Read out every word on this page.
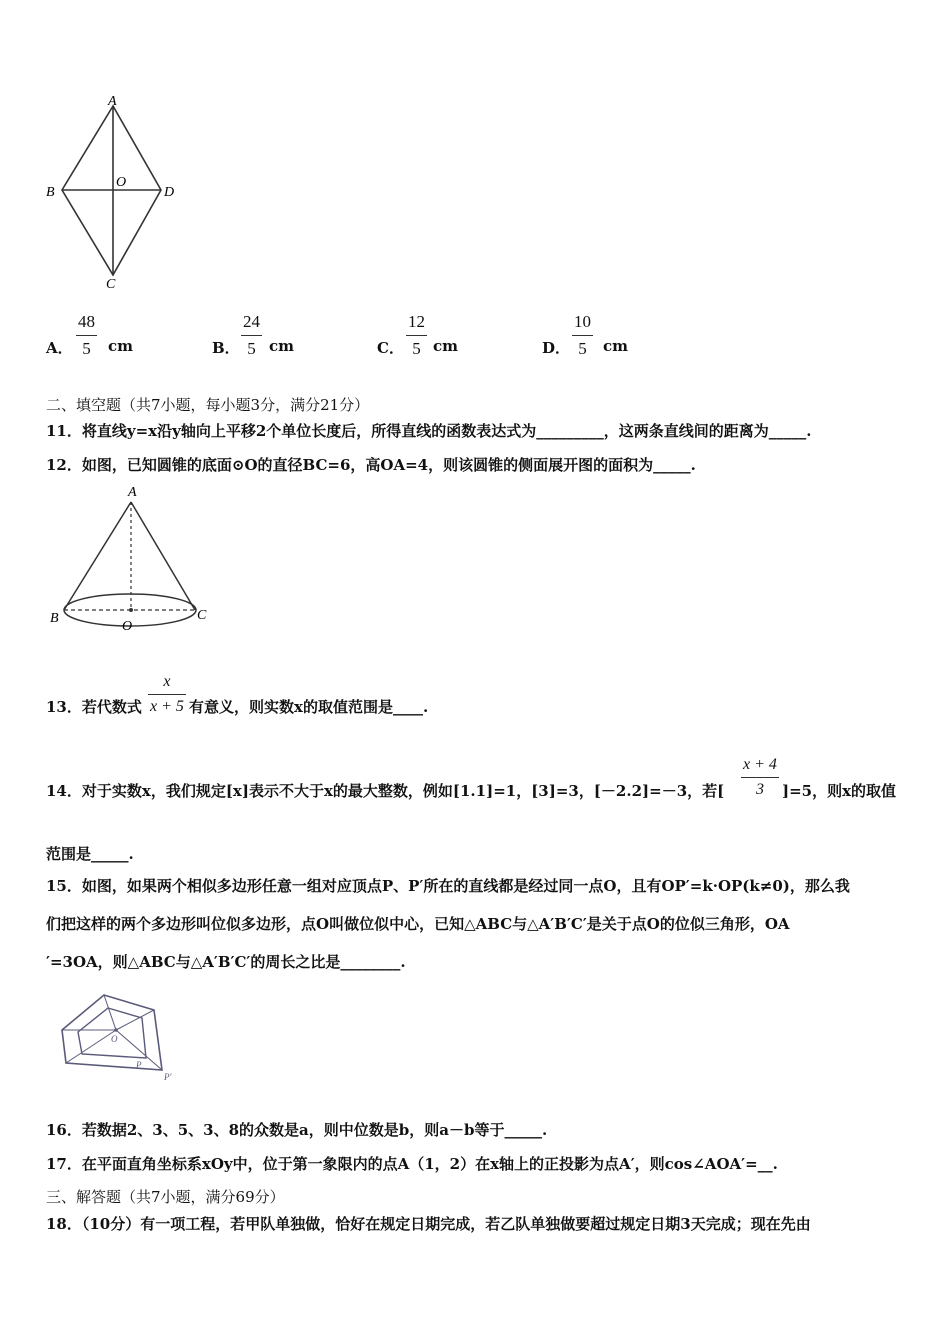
A
B
C
D
O
A．
48
5	cm	B．
24
5 cm	C．
12
5 cm	D．
10
5	cm
二、填空题（共7小题，每小题3分，满分21分）
11．将直线y=x沿y轴向上平移2个单位长度后，所得直线的函数表达式为_________，这两条直线间的距离为_____.
12．如图，已知圆锥的底面⊙O的直径BC=6，高OA=4，则该圆锥的侧面展开图的面积为_____.
A
B	C
O
13．若代数式
x
x + 5 有意义，则实数x的取值范围是____.
14．对于实数x，我们规定[x]表示不大于x的最大整数，例如[1.1]=1，[3]=3，[－2.2]=－3，若[
x + 4
3	]=5，则x的取值
范围是_____.
15．如图，如果两个相似多边形任意一组对应顶点P、P′所在的直线都是经过同一点O，且有OP′=k·OP(k≠0)，那么我
们把这样的两个多边形叫位似多边形，点O叫做位似中心，已知△ABC与△A′B′C′是关于点O的位似三角形，OA
′=3OA，则△ABC与△A′B′C′的周长之比是________.
O
P
P′
16．若数据2、3、5、3、8的众数是a，则中位数是b，则a－b等于_____.
17．在平面直角坐标系xOy中，位于第一象限内的点A（1，2）在x轴上的正投影为点A′，则cos∠AOA′=__.
三、解答题（共7小题，满分69分）
18．（10分）有一项工程，若甲队单独做，恰好在规定日期完成，若乙队单独做要超过规定日期3天完成；现在先由
